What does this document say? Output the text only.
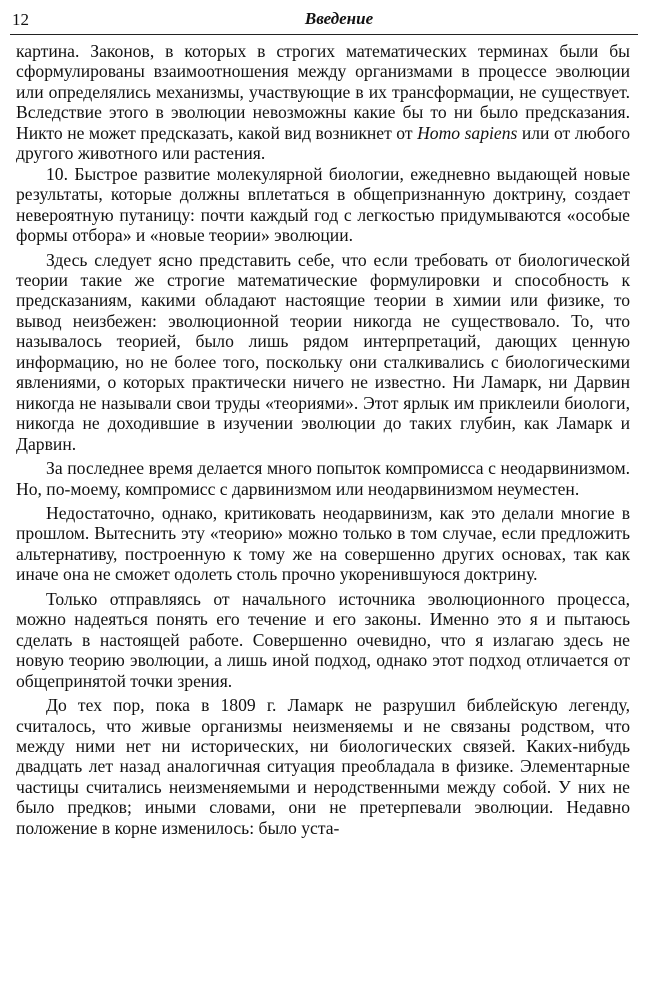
12	Введение

картина. Законов, в которых в строгих математических терминах были бы сформулированы взаимоотношения между организмами в процессе эволюции или определялись механизмы, участвующие в их трансформации, не существует. Вследствие этого в эволюции невозможны какие бы то ни было предсказания. Никто не может предсказать, какой вид возникнет от Homo sapiens или от любого другого животного или растения.

10. Быстрое развитие молекулярной биологии, ежедневно выдающей новые результаты, которые должны вплетаться в общепризнанную доктрину, создает невероятную путаницу: почти каждый год с легкостью придумываются «особые формы отбора» и «новые теории» эволюции.

Здесь следует ясно представить себе, что если требовать от биологической теории такие же строгие математические формулировки и способность к предсказаниям, какими обладают настоящие теории в химии или физике, то вывод неизбежен: эволюционной теории никогда не существовало. То, что называлось теорией, было лишь рядом интерпретаций, дающих ценную информацию, но не более того, поскольку они сталкивались с биологическими явлениями, о которых практически ничего не известно. Ни Ламарк, ни Дарвин никогда не называли свои труды «теориями». Этот ярлык им приклеили биологи, никогда не доходившие в изучении эволюции до таких глубин, как Ламарк и Дарвин.

За последнее время делается много попыток компромисса с неодарвинизмом. Но, по-моему, компромисс с дарвинизмом или неодарвинизмом неуместен.

Недостаточно, однако, критиковать неодарвинизм, как это делали многие в прошлом. Вытеснить эту «теорию» можно только в том случае, если предложить альтернативу, построенную к тому же на совершенно других основах, так как иначе она не сможет одолеть столь прочно укоренившуюся доктрину.

Только отправляясь от начального источника эволюционного процесса, можно надеяться понять его течение и его законы. Именно это я и пытаюсь сделать в настоящей работе. Совершенно очевидно, что я излагаю здесь не новую теорию эволюции, а лишь иной подход, однако этот подход отличается от общепринятой точки зрения.

До тех пор, пока в 1809 г. Ламарк не разрушил библейскую легенду, считалось, что живые организмы неизменяемы и не связаны родством, что между ними нет ни исторических, ни биологических связей. Каких-нибудь двадцать лет назад аналогичная ситуация преобладала в физике. Элементарные частицы считались неизменяемыми и неродственными между собой. У них не было предков; иными словами, они не претерпевали эволюции. Недавно положение в корне изменилось: было уста-
